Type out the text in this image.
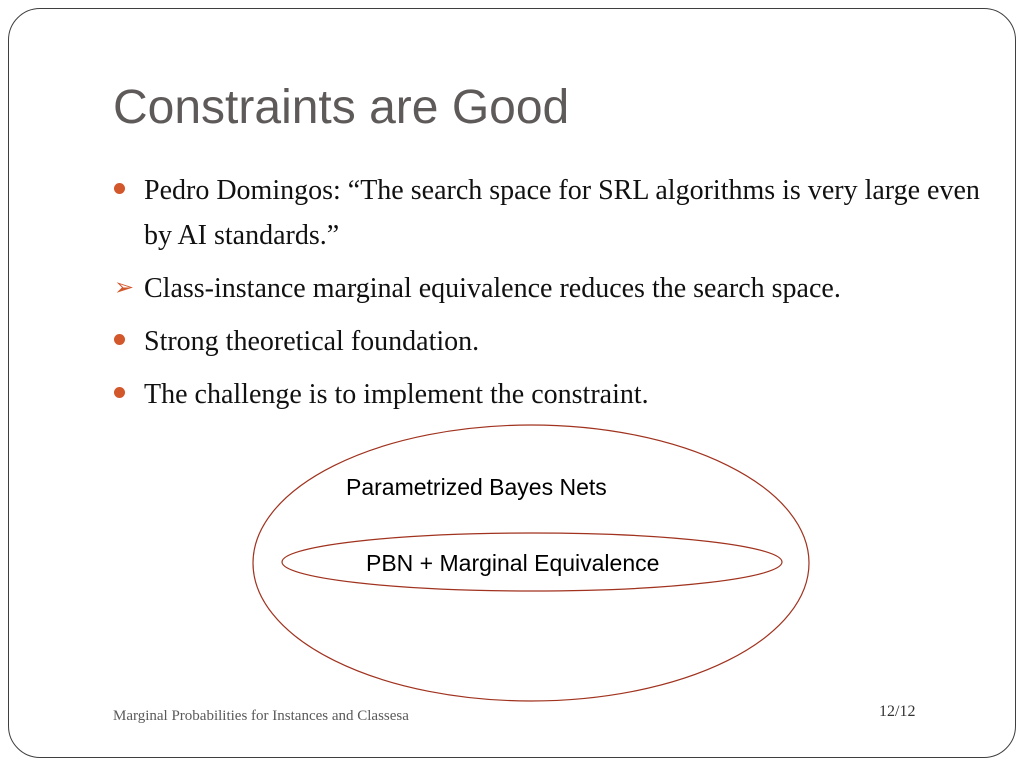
Constraints are Good
Pedro Domingos: “The search space for SRL algorithms is very large even by AI standards.”
➢ Class-instance marginal equivalence reduces the search space.
Strong theoretical foundation.
The challenge is to implement the constraint.
Parametrized Bayes Nets
PBN + Marginal Equivalence
Marginal Probabilities for Instances and Classesa	12/12
